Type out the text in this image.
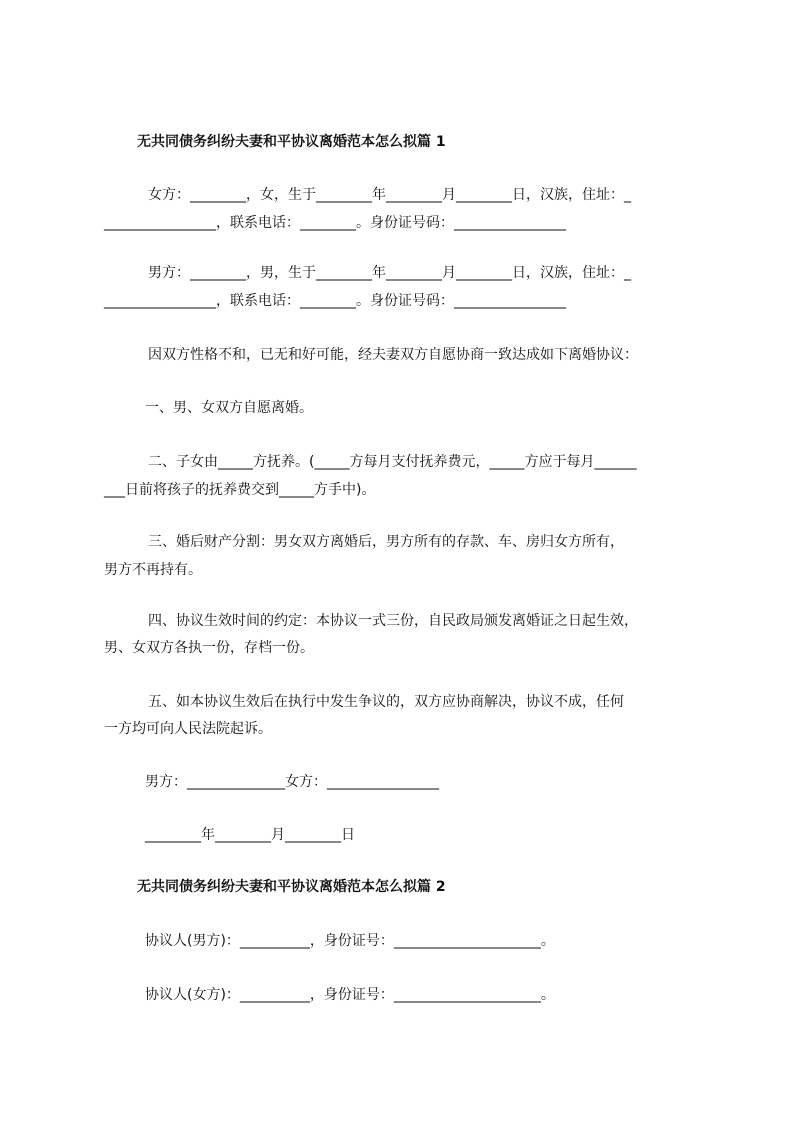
无共同债务纠纷夫妻和平协议离婚范本怎么拟篇 1
女方：________，女，生于________年________月________日，汉族，住址：_
________________，联系电话：________。身份证号码：________________
男方：________，男，生于________年________月________日，汉族，住址：_
________________，联系电话：________。身份证号码：________________
因双方性格不和，已无和好可能，经夫妻双方自愿协商一致达成如下离婚协议：
一、男、女双方自愿离婚。
二、子女由_____方抚养。(_____方每月支付抚养费元，_____方应于每月______
___日前将孩子的抚养费交到_____方手中)。
三、婚后财产分割：男女双方离婚后，男方所有的存款、车、房归女方所有，
男方不再持有。
四、协议生效时间的约定：本协议一式三份，自民政局颁发离婚证之日起生效，
男、女双方各执一份，存档一份。
五、如本协议生效后在执行中发生争议的，双方应协商解决，协议不成，任何
一方均可向人民法院起诉。
男方：______________女方：________________
________年________月________日
无共同债务纠纷夫妻和平协议离婚范本怎么拟篇 2
协议人(男方)：__________，身份证号：_____________________。
协议人(女方)：__________，身份证号：_____________________。
